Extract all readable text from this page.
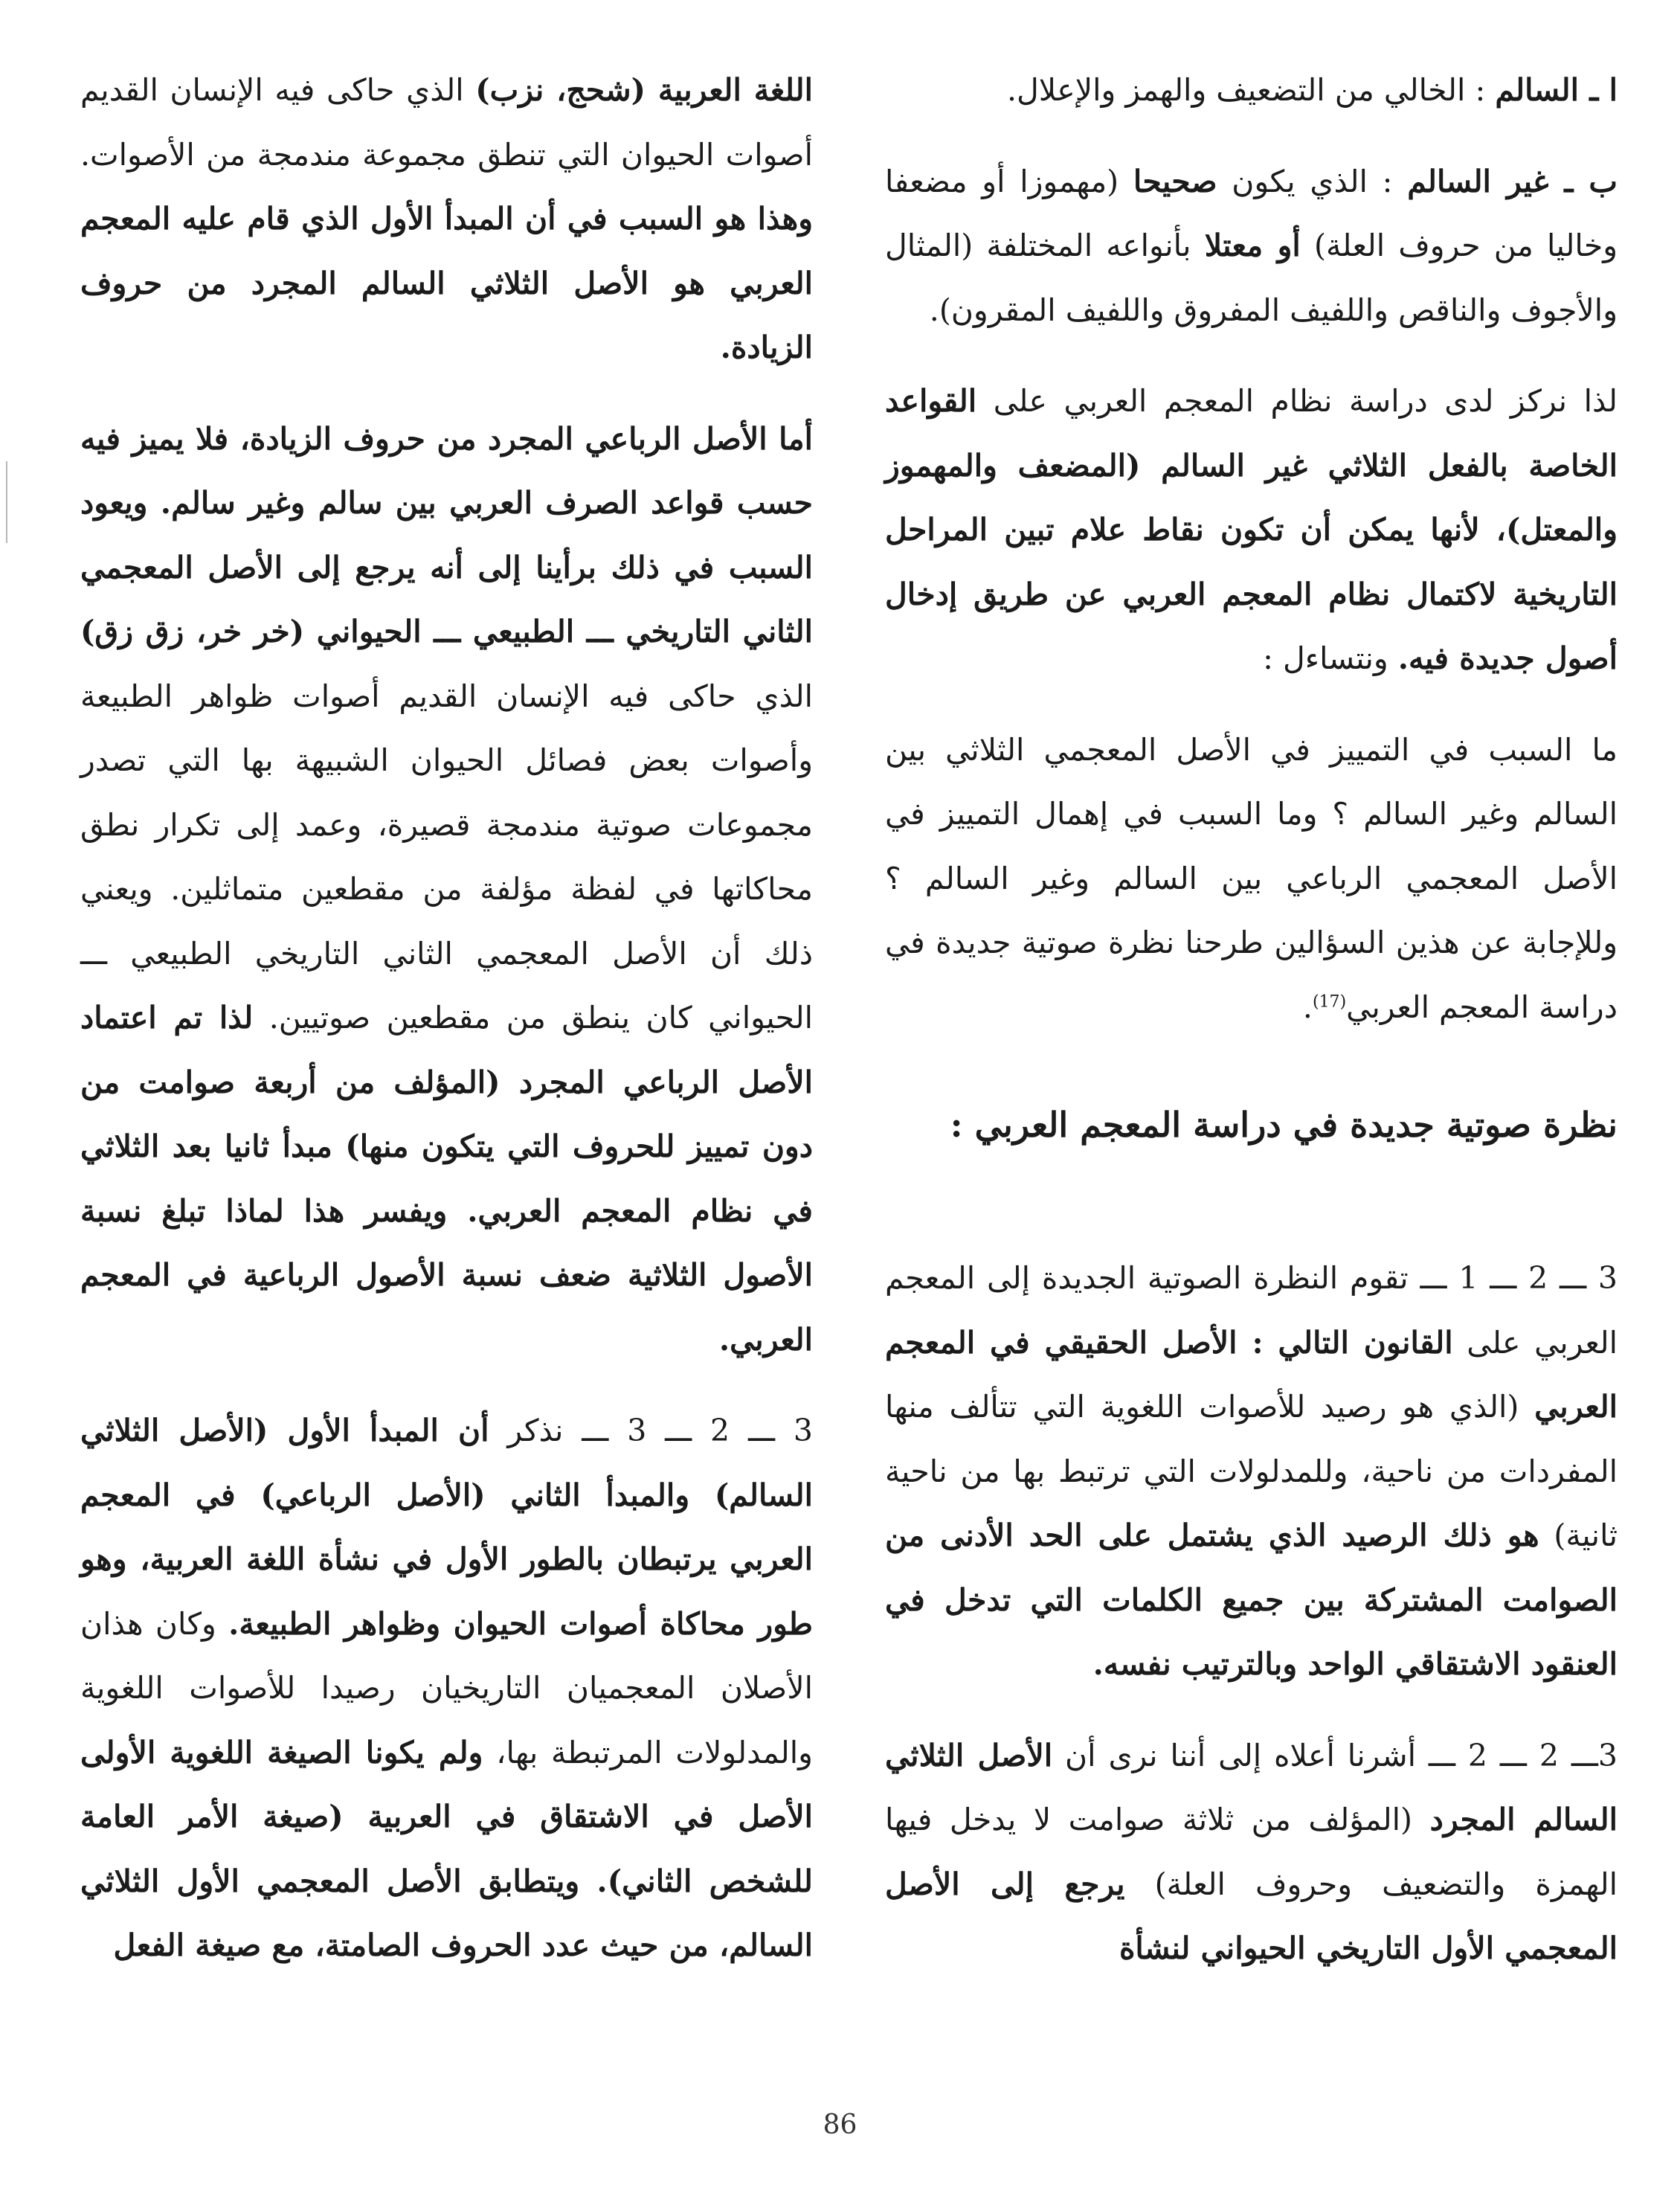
ا ـ السالم : الخالي من التضعيف والهمز والإعلال.

ب ـ غير السالم : الذي يكون صحيحا (مهموزا أو مضعفا وخاليا من حروف العلة) أو معتلا بأنواعه المختلفة (المثال والأجوف والناقص واللفيف المفروق واللفيف المقرون).

لذا نركز لدى دراسة نظام المعجم العربي على القواعد الخاصة بالفعل الثلاثي غير السالم (المضعف والمهموز والمعتل)، لأنها يمكن أن تكون نقاط علام تبين المراحل التاريخية لاكتمال نظام المعجم العربي عن طريق إدخال أصول جديدة فيه. ونتساءل :

ما السبب في التمييز في الأصل المعجمي الثلاثي بين السالم وغير السالم ؟ وما السبب في إهمال التمييز في الأصل المعجمي الرباعي بين السالم وغير السالم ؟ وللإجابة عن هذين السؤالين طرحنا نظرة صوتية جديدة في دراسة المعجم العربي$^{(17)}$.

نظرة صوتية جديدة في دراسة المعجم العربي :

3 ـــ 2 ـــ 1 ـــ تقوم النظرة الصوتية الجديدة إلى المعجم العربي على القانون التالي : الأصل الحقيقي في المعجم العربي (الذي هو رصيد للأصوات اللغوية التي تتألف منها المفردات من ناحية، وللمدلولات التي ترتبط بها من ناحية ثانية) هو ذلك الرصيد الذي يشتمل على الحد الأدنى من الصوامت المشتركة بين جميع الكلمات التي تدخل في العنقود الاشتقاقي الواحد وبالترتيب نفسه.

3ـــ 2 ـــ 2 ـــ أشرنا أعلاه إلى أننا نرى أن الأصل الثلاثي السالم المجرد (المؤلف من ثلاثة صوامت لا يدخل فيها الهمزة والتضعيف وحروف العلة) يرجع إلى الأصل المعجمي الأول التاريخي الحيواني لنشأة

اللغة العربية (شحج، نزب) الذي حاكى فيه الإنسان القديم أصوات الحيوان التي تنطق مجموعة مندمجة من الأصوات. وهذا هو السبب في أن المبدأ الأول الذي قام عليه المعجم العربي هو الأصل الثلاثي السالم المجرد من حروف الزيادة.

أما الأصل الرباعي المجرد من حروف الزيادة، فلا يميز فيه حسب قواعد الصرف العربي بين سالم وغير سالم. ويعود السبب في ذلك برأينا إلى أنه يرجع إلى الأصل المعجمي الثاني التاريخي ـــ الطبيعي ـــ الحيواني (خر خر، زق زق) الذي حاكى فيه الإنسان القديم أصوات ظواهر الطبيعة وأصوات بعض فصائل الحيوان الشبيهة بها التي تصدر مجموعات صوتية مندمجة قصيرة، وعمد إلى تكرار نطق محاكاتها في لفظة مؤلفة من مقطعين متماثلين. ويعني ذلك أن الأصل المعجمي الثاني التاريخي الطبيعي ـــ الحيواني كان ينطق من مقطعين صوتيين. لذا تم اعتماد الأصل الرباعي المجرد (المؤلف من أربعة صوامت من دون تمييز للحروف التي يتكون منها) مبدأ ثانيا بعد الثلاثي في نظام المعجم العربي. ويفسر هذا لماذا تبلغ نسبة الأصول الثلاثية ضعف نسبة الأصول الرباعية في المعجم العربي.

3 ـــ 2 ـــ 3 ـــ نذكر أن المبدأ الأول (الأصل الثلاثي السالم) والمبدأ الثاني (الأصل الرباعي) في المعجم العربي يرتبطان بالطور الأول في نشأة اللغة العربية، وهو طور محاكاة أصوات الحيوان وظواهر الطبيعة. وكان هذان الأصلان المعجميان التاريخيان رصيدا للأصوات اللغوية والمدلولات المرتبطة بها، ولم يكونا الصيغة اللغوية الأولى الأصل في الاشتقاق في العربية (صيغة الأمر العامة للشخص الثاني). ويتطابق الأصل المعجمي الأول الثلاثي السالم، من حيث عدد الحروف الصامتة، مع صيغة الفعل

86
